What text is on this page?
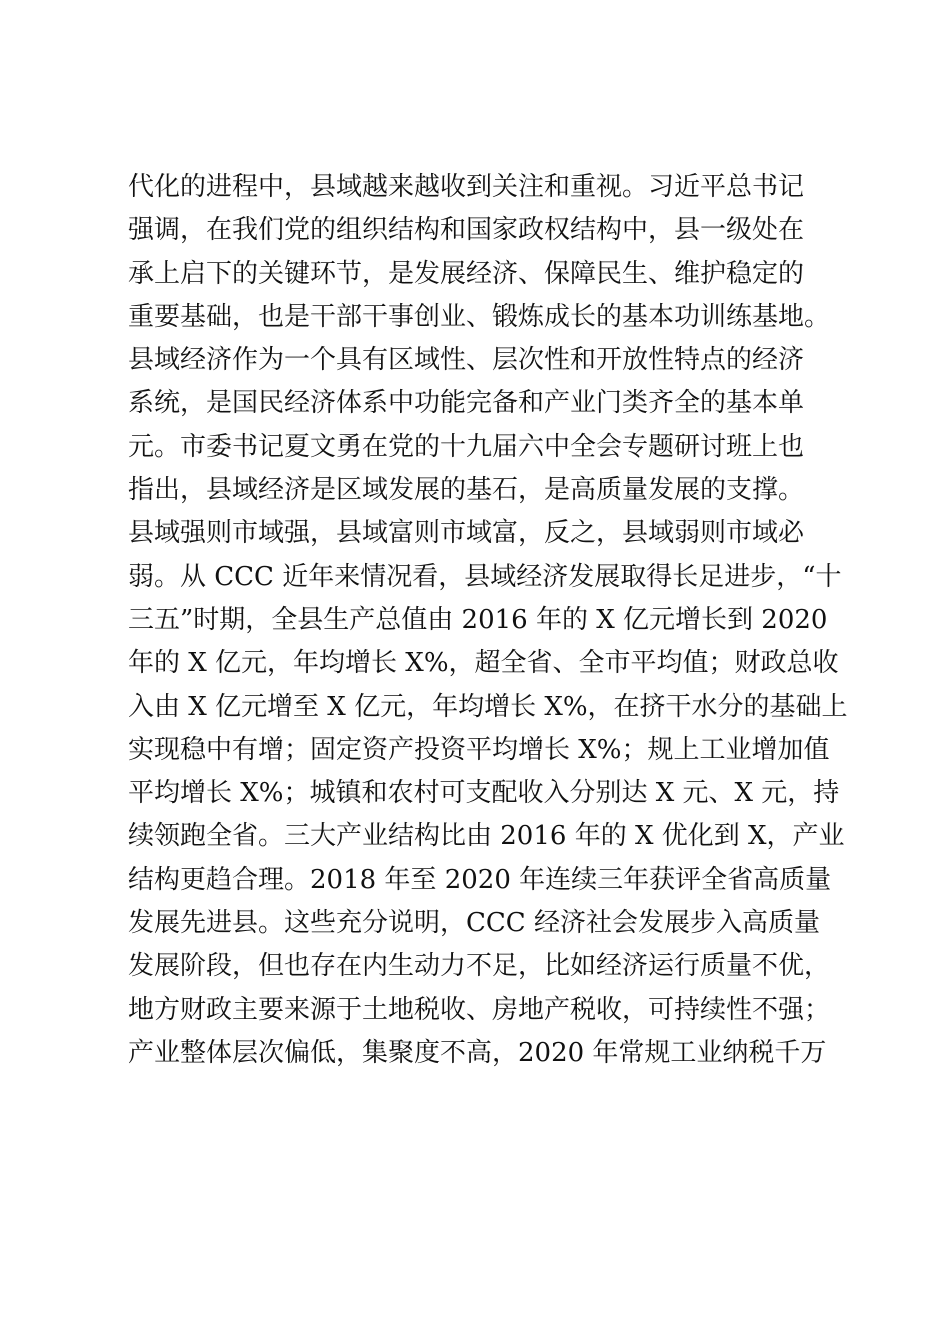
代化的进程中，县域越来越收到关注和重视。习近平总书记
强调，在我们党的组织结构和国家政权结构中，县一级处在
承上启下的关键环节，是发展经济、保障民生、维护稳定的
重要基础，也是干部干事创业、锻炼成长的基本功训练基地。
县域经济作为一个具有区域性、层次性和开放性特点的经济
系统，是国民经济体系中功能完备和产业门类齐全的基本单
元。市委书记夏文勇在党的十九届六中全会专题研讨班上也
指出，县域经济是区域发展的基石，是高质量发展的支撑。
县域强则市域强，县域富则市域富，反之，县域弱则市域必
弱。从 CCC 近年来情况看，县域经济发展取得长足进步，“十
三五”时期，全县生产总值由 2016 年的 X 亿元增长到 2020
年的 X 亿元，年均增长 X%，超全省、全市平均值；财政总收
入由 X 亿元增至 X 亿元，年均增长 X%，在挤干水分的基础上
实现稳中有增；固定资产投资平均增长 X%；规上工业增加值
平均增长 X%；城镇和农村可支配收入分别达 X 元、X 元，持
续领跑全省。三大产业结构比由 2016 年的 X 优化到 X，产业
结构更趋合理。2018 年至 2020 年连续三年获评全省高质量
发展先进县。这些充分说明，CCC 经济社会发展步入高质量
发展阶段，但也存在内生动力不足，比如经济运行质量不优，
地方财政主要来源于土地税收、房地产税收，可持续性不强；
产业整体层次偏低，集聚度不高，2020 年常规工业纳税千万
